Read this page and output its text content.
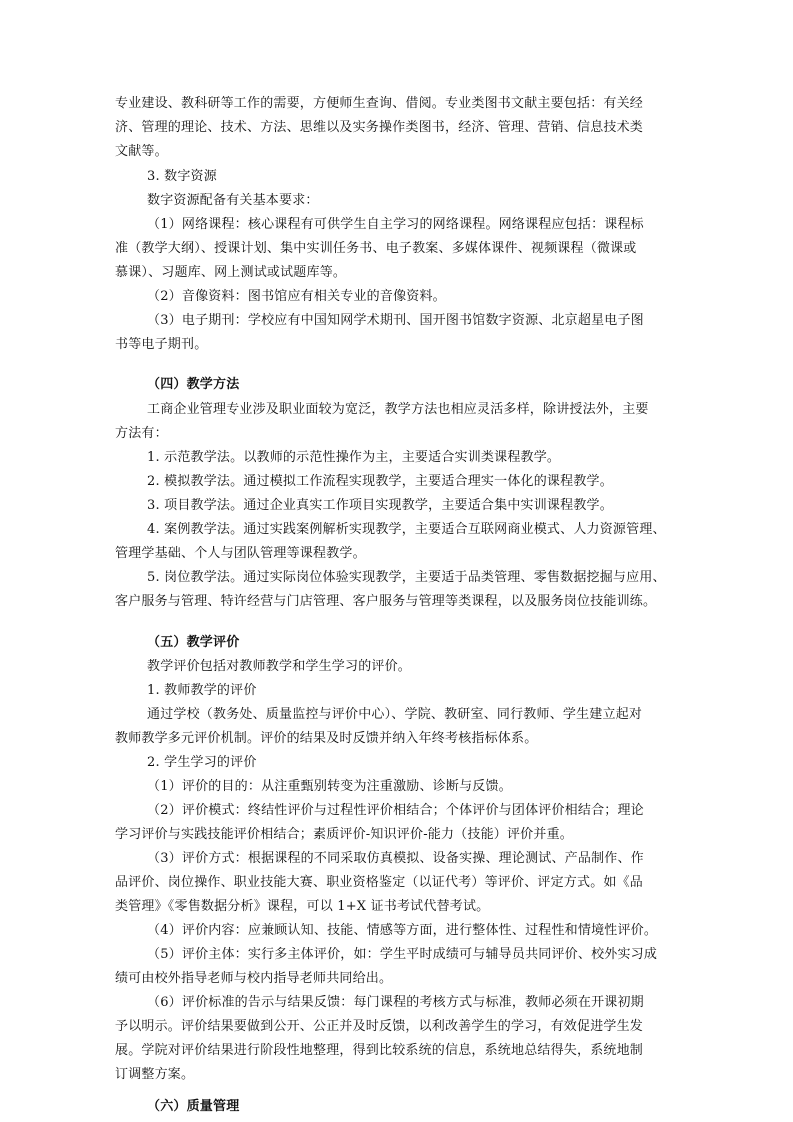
专业建设、教科研等工作的需要，方便师生查询、借阅。专业类图书文献主要包括：有关经
济、管理的理论、技术、方法、思维以及实务操作类图书，经济、管理、营销、信息技术类
文献等。
3. 数字资源
数字资源配备有关基本要求：
（1）网络课程：核心课程有可供学生自主学习的网络课程。网络课程应包括：课程标
准（教学大纲）、授课计划、集中实训任务书、电子教案、多媒体课件、视频课程（微课或
慕课）、习题库、网上测试或试题库等。
（2）音像资料：图书馆应有相关专业的音像资料。
（3）电子期刊：学校应有中国知网学术期刊、国开图书馆数字资源、北京超星电子图
书等电子期刊。
（四）教学方法
工商企业管理专业涉及职业面较为宽泛，教学方法也相应灵活多样，除讲授法外，主要
方法有：
1. 示范教学法。以教师的示范性操作为主，主要适合实训类课程教学。
2. 模拟教学法。通过模拟工作流程实现教学，主要适合理实一体化的课程教学。
3. 项目教学法。通过企业真实工作项目实现教学，主要适合集中实训课程教学。
4. 案例教学法。通过实践案例解析实现教学，主要适合互联网商业模式、人力资源管理、
管理学基础、个人与团队管理等课程教学。
5. 岗位教学法。通过实际岗位体验实现教学，主要适于品类管理、零售数据挖掘与应用、
客户服务与管理、特许经营与门店管理、客户服务与管理等类课程，以及服务岗位技能训练。
（五）教学评价
教学评价包括对教师教学和学生学习的评价。
1. 教师教学的评价
通过学校（教务处、质量监控与评价中心）、学院、教研室、同行教师、学生建立起对
教师教学多元评价机制。评价的结果及时反馈并纳入年终考核指标体系。
2. 学生学习的评价
（1）评价的目的：从注重甄别转变为注重激励、诊断与反馈。
（2）评价模式：终结性评价与过程性评价相结合；个体评价与团体评价相结合；理论
学习评价与实践技能评价相结合；素质评价-知识评价-能力（技能）评价并重。
（3）评价方式：根据课程的不同采取仿真模拟、设备实操、理论测试、产品制作、作
品评价、岗位操作、职业技能大赛、职业资格鉴定（以证代考）等评价、评定方式。如《品
类管理》《零售数据分析》课程，可以 1+X 证书考试代替考试。
（4）评价内容：应兼顾认知、技能、情感等方面，进行整体性、过程性和情境性评价。
（5）评价主体：实行多主体评价，如：学生平时成绩可与辅导员共同评价、校外实习成
绩可由校外指导老师与校内指导老师共同给出。
（6）评价标准的告示与结果反馈：每门课程的考核方式与标准，教师必须在开课初期
予以明示。评价结果要做到公开、公正并及时反馈，以利改善学生的学习，有效促进学生发
展。学院对评价结果进行阶段性地整理，得到比较系统的信息，系统地总结得失，系统地制
订调整方案。
（六）质量管理
